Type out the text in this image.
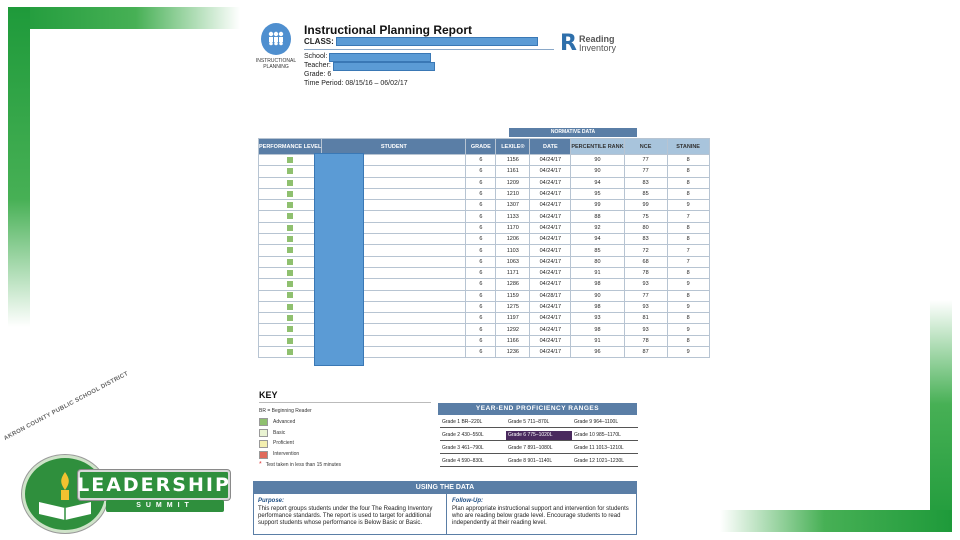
INSTRUCTIONAL PLANNING
Instructional Planning Report
CLASS:
School:
Teacher:
Grade: 6
Time Period: 08/15/16 – 06/02/17
R Reading
Inventory
NORMATIVE DATA
PERFORMANCE LEVEL	STUDENT	GRADE	LEXILE®	DATE	PERCENTILE RANK	NCE	STANINE
		6	1156	04/24/17	90	77	8
		6	1161	04/24/17	90	77	8
		6	1209	04/24/17	94	83	8
		6	1210	04/24/17	95	85	8
		6	1307	04/24/17	99	99	9
		6	1133	04/24/17	88	75	7
		6	1170	04/24/17	92	80	8
		6	1206	04/24/17	94	83	8
		6	1103	04/24/17	85	72	7
		6	1063	04/24/17	80	68	7
		6	1171	04/24/17	91	78	8
		6	1286	04/24/17	98	93	9
		6	1159	04/28/17	90	77	8
		6	1275	04/24/17	98	93	9
		6	1197	04/24/17	93	81	8
		6	1292	04/24/17	98	93	9
		6	1166	04/24/17	91	78	8
		6	1236	04/24/17	96	87	9
KEY
BR = Beginning Reader
Advanced
Basic
Proficient
Intervention
* Test taken in less than 15 minutes
YEAR-END PROFICIENCY RANGES
Grade 1 BR–220L	Grade 5 711–870L	Grade 9 964–1100L
Grade 2 430–550L	Grade 6 775–1020L	Grade 10 985–1170L
Grade 3 461–790L	Grade 7 891–1080L	Grade 11 1013–1210L
Grade 4 590–830L	Grade 8 901–1140L	Grade 12 1021–1230L
USING THE DATA
Purpose:
This report groups students under the four The Reading Inventory performance standards. The report is used to target for additional support students whose performance is Below Basic or Basic.
Follow-Up:
Plan appropriate instructional support and intervention for students who are reading below grade level. Encourage students to read independently at their reading level.
AKRON COUNTY PUBLIC SCHOOL DISTRICT
LEADERSHIP
SUMMIT
